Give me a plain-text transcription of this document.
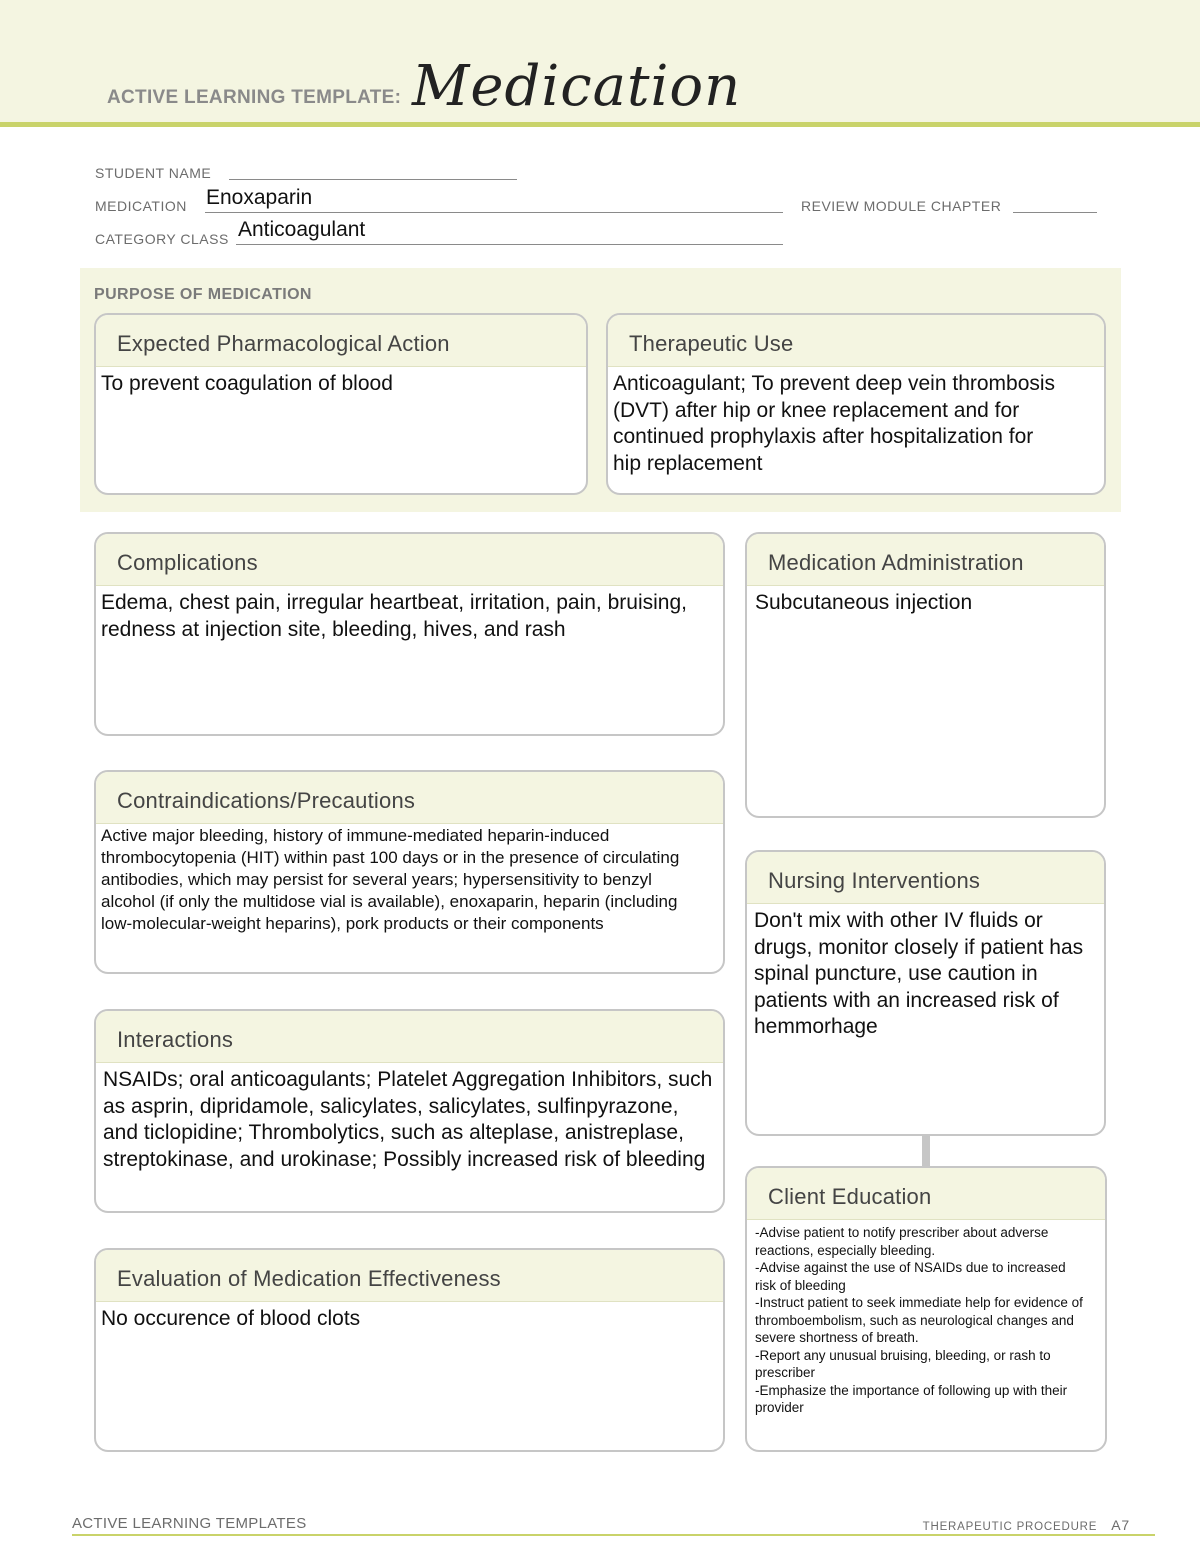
ACTIVE LEARNING TEMPLATE: Medication
STUDENT NAME
MEDICATION Enoxaparin	REVIEW MODULE CHAPTER
CATEGORY CLASS Anticoagulant
PURPOSE OF MEDICATION
Expected Pharmacological Action
To prevent coagulation of blood
Therapeutic Use
Anticoagulant; To prevent deep vein thrombosis (DVT) after hip or knee replacement and for continued prophylaxis after hospitalization for hip replacement
Complications
Edema, chest pain, irregular heartbeat, irritation, pain, bruising, redness at injection site, bleeding, hives, and rash
Contraindications/Precautions
Active major bleeding, history of immune-mediated heparin-induced thrombocytopenia (HIT) within past 100 days or in the presence of circulating antibodies, which may persist for several years; hypersensitivity to benzyl alcohol (if only the multidose vial is available), enoxaparin, heparin (including low-molecular-weight heparins), pork products or their components
Interactions
NSAIDs; oral anticoagulants; Platelet Aggregation Inhibitors, such as asprin, dipridamole, salicylates, salicylates, sulfinpyrazone, and ticlopidine; Thrombolytics, such as alteplase, anistreplase, streptokinase, and urokinase; Possibly increased risk of bleeding
Evaluation of Medication Effectiveness
No occurence of blood clots
Medication Administration
Subcutaneous injection
Nursing Interventions
Don't mix with other IV fluids or drugs, monitor closely if patient has spinal puncture, use caution in patients with an increased risk of hemmorhage
Client Education
-Advise patient to notify prescriber about adverse reactions, especially bleeding.
-Advise against the use of NSAIDs due to increased risk of bleeding
-Instruct patient to seek immediate help for evidence of thromboembolism, such as neurological changes and severe shortness of breath.
-Report any unusual bruising, bleeding, or rash to prescriber
-Emphasize the importance of following up with their provider
ACTIVE LEARNING TEMPLATES	THERAPEUTIC PROCEDURE A7
